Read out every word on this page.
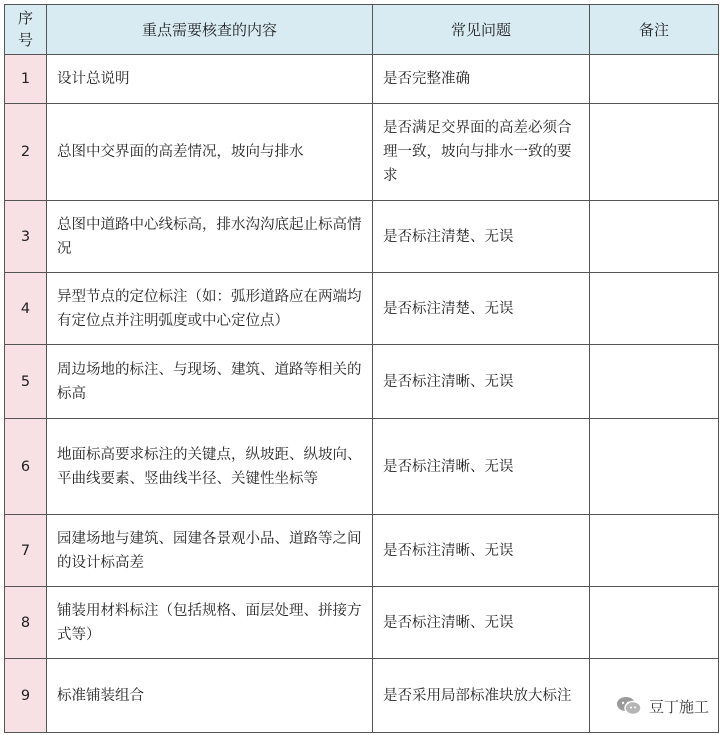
序号	重点需要核查的内容	常见问题	备注
1	设计总说明	是否完整准确	
2	总图中交界面的高差情况，坡向与排水	是否满足交界面的高差必须合理一致，坡向与排水一致的要求	
3	总图中道路中心线标高，排水沟沟底起止标高情况	是否标注清楚、无误	
4	异型节点的定位标注（如：弧形道路应在两端均有定位点并注明弧度或中心定位点）	是否标注清楚、无误	
5	周边场地的标注、与现场、建筑、道路等相关的标高	是否标注清晰、无误	
6	地面标高要求标注的关键点，纵坡距、纵坡向、平曲线要素、竖曲线半径、关键性坐标等	是否标注清晰、无误	
7	园建场地与建筑、园建各景观小品、道路等之间的设计标高差	是否标注清晰、无误	
8	铺装用材料标注（包括规格、面层处理、拼接方式等）	是否标注清晰、无误	
9	标准铺装组合	是否采用局部标准块放大标注	
豆丁施工
